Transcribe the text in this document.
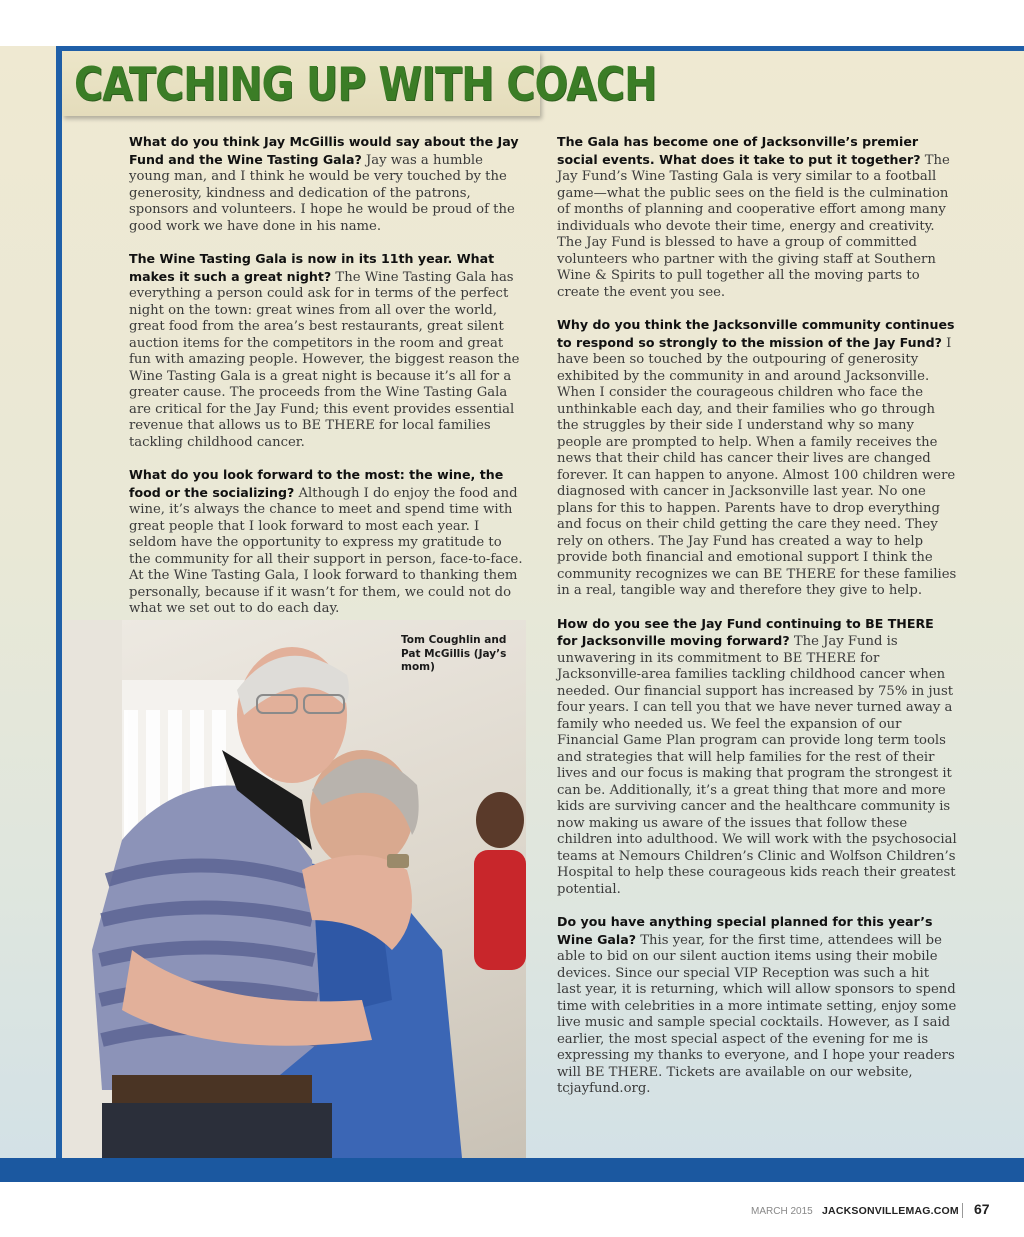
CATCHING UP WITH COACH

What do you think Jay McGillis would say about the Jay Fund and the Wine Tasting Gala? Jay was a humble young man, and I think he would be very touched by the generosity, kindness and dedication of the patrons, sponsors and volunteers. I hope he would be proud of the good work we have done in his name.

The Wine Tasting Gala is now in its 11th year. What makes it such a great night? The Wine Tasting Gala has everything a person could ask for in terms of the perfect night on the town: great wines from all over the world, great food from the area’s best restaurants, great silent auction items for the competitors in the room and great fun with amazing people. However, the biggest reason the Wine Tasting Gala is a great night is because it’s all for a greater cause. The proceeds from the Wine Tasting Gala are critical for the Jay Fund; this event provides essential revenue that allows us to BE THERE for local families tackling childhood cancer.

What do you look forward to the most: the wine, the food or the socializing? Although I do enjoy the food and wine, it’s always the chance to meet and spend time with great people that I look forward to most each year. I seldom have the opportunity to express my gratitude to the community for all their support in person, face-to-face. At the Wine Tasting Gala, I look forward to thanking them personally, because if it wasn’t for them, we could not do what we set out to do each day.

The Gala has become one of Jacksonville’s premier social events. What does it take to put it together? The Jay Fund’s Wine Tasting Gala is very similar to a football game—what the public sees on the field is the culmination of months of planning and cooperative effort among many individuals who devote their time, energy and creativity. The Jay Fund is blessed to have a group of committed volunteers who partner with the giving staff at Southern Wine & Spirits to pull together all the moving parts to create the event you see.

Why do you think the Jacksonville community continues to respond so strongly to the mission of the Jay Fund? I have been so touched by the outpouring of generosity exhibited by the community in and around Jacksonville. When I consider the courageous children who face the unthinkable each day, and their families who go through the struggles by their side I understand why so many people are prompted to help. When a family receives the news that their child has cancer their lives are changed forever. It can happen to anyone. Almost 100 children were diagnosed with cancer in Jacksonville last year. No one plans for this to happen. Parents have to drop everything and focus on their child getting the care they need. They rely on others. The Jay Fund has created a way to help provide both financial and emotional support I think the community recognizes we can BE THERE for these families in a real, tangible way and therefore they give to help.

How do you see the Jay Fund continuing to BE THERE for Jacksonville moving forward? The Jay Fund is unwavering in its commitment to BE THERE for Jacksonville-area families tackling childhood cancer when needed. Our financial support has increased by 75% in just four years. I can tell you that we have never turned away a family who needed us. We feel the expansion of our Financial Game Plan program can provide long term tools and strategies that will help families for the rest of their lives and our focus is making that program the strongest it can be. Additionally, it’s a great thing that more and more kids are surviving cancer and the healthcare community is now making us aware of the issues that follow these children into adulthood. We will work with the psychosocial teams at Nemours Children’s Clinic and Wolfson Children’s Hospital to help these courageous kids reach their greatest potential.

Do you have anything special planned for this year’s Wine Gala? This year, for the first time, attendees will be able to bid on our silent auction items using their mobile devices. Since our special VIP Reception was such a hit last year, it is returning, which will allow sponsors to spend time with celebrities in a more intimate setting, enjoy some live music and sample special cocktails. However, as I said earlier, the most special aspect of the evening for me is expressing my thanks to everyone, and I hope your readers will BE THERE. Tickets are available on our website, tcjayfund.org.

Tom Coughlin and Pat McGillis (Jay’s mom)
MARCH 2015 JACKSONVILLEMAG.COM 67
